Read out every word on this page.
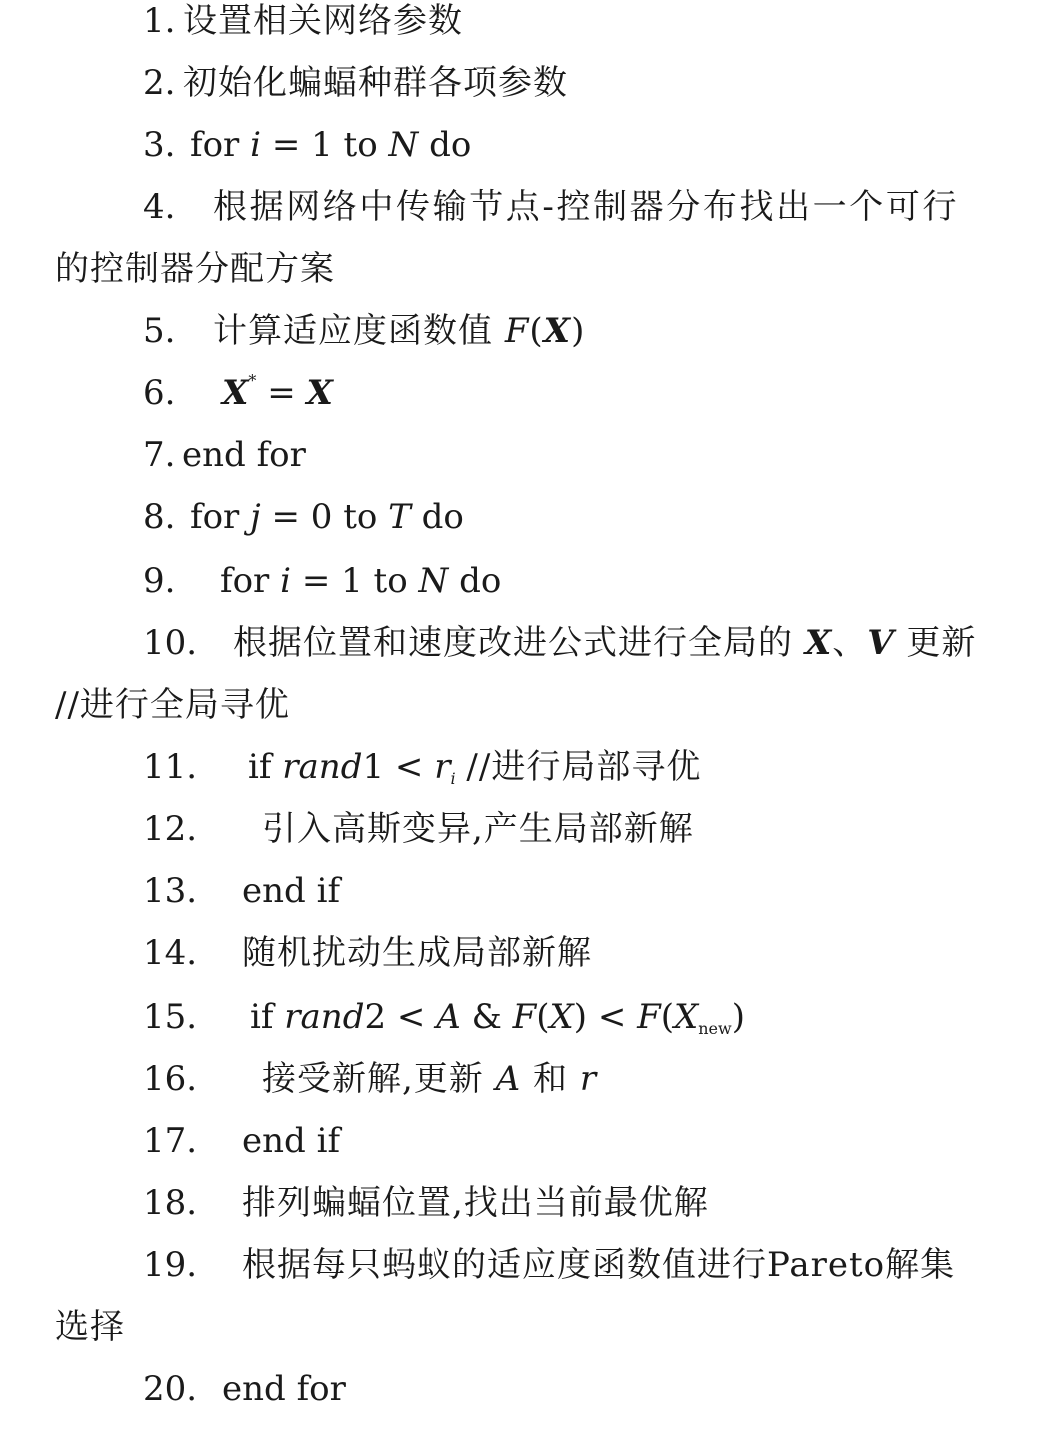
1. 设置相关网络参数
2. 初始化蝙蝠种群各项参数
3. for i = 1 to N do
4. 根据网络中传输节点-控制器分布找出一个可行
的控制器分配方案
5. 计算适应度函数值 F(X)
6. X* = X
7. end for
8. for j = 0 to T do
9. for i = 1 to N do
10. 根据位置和速度改进公式进行全局的 X、V 更新
//进行全局寻优
11. if rand1 < $r_i$ //进行局部寻优
12. 引入高斯变异,产生局部新解
13. end if
14. 随机扰动生成局部新解
15. if rand2 < A & $F(X) < F(X_{new})$
16. 接受新解,更新 A 和 r
17. end if
18. 排列蝙蝠位置,找出当前最优解
19. 根据每只蚂蚁的适应度函数值进行Pareto解集
选择
20. end for
